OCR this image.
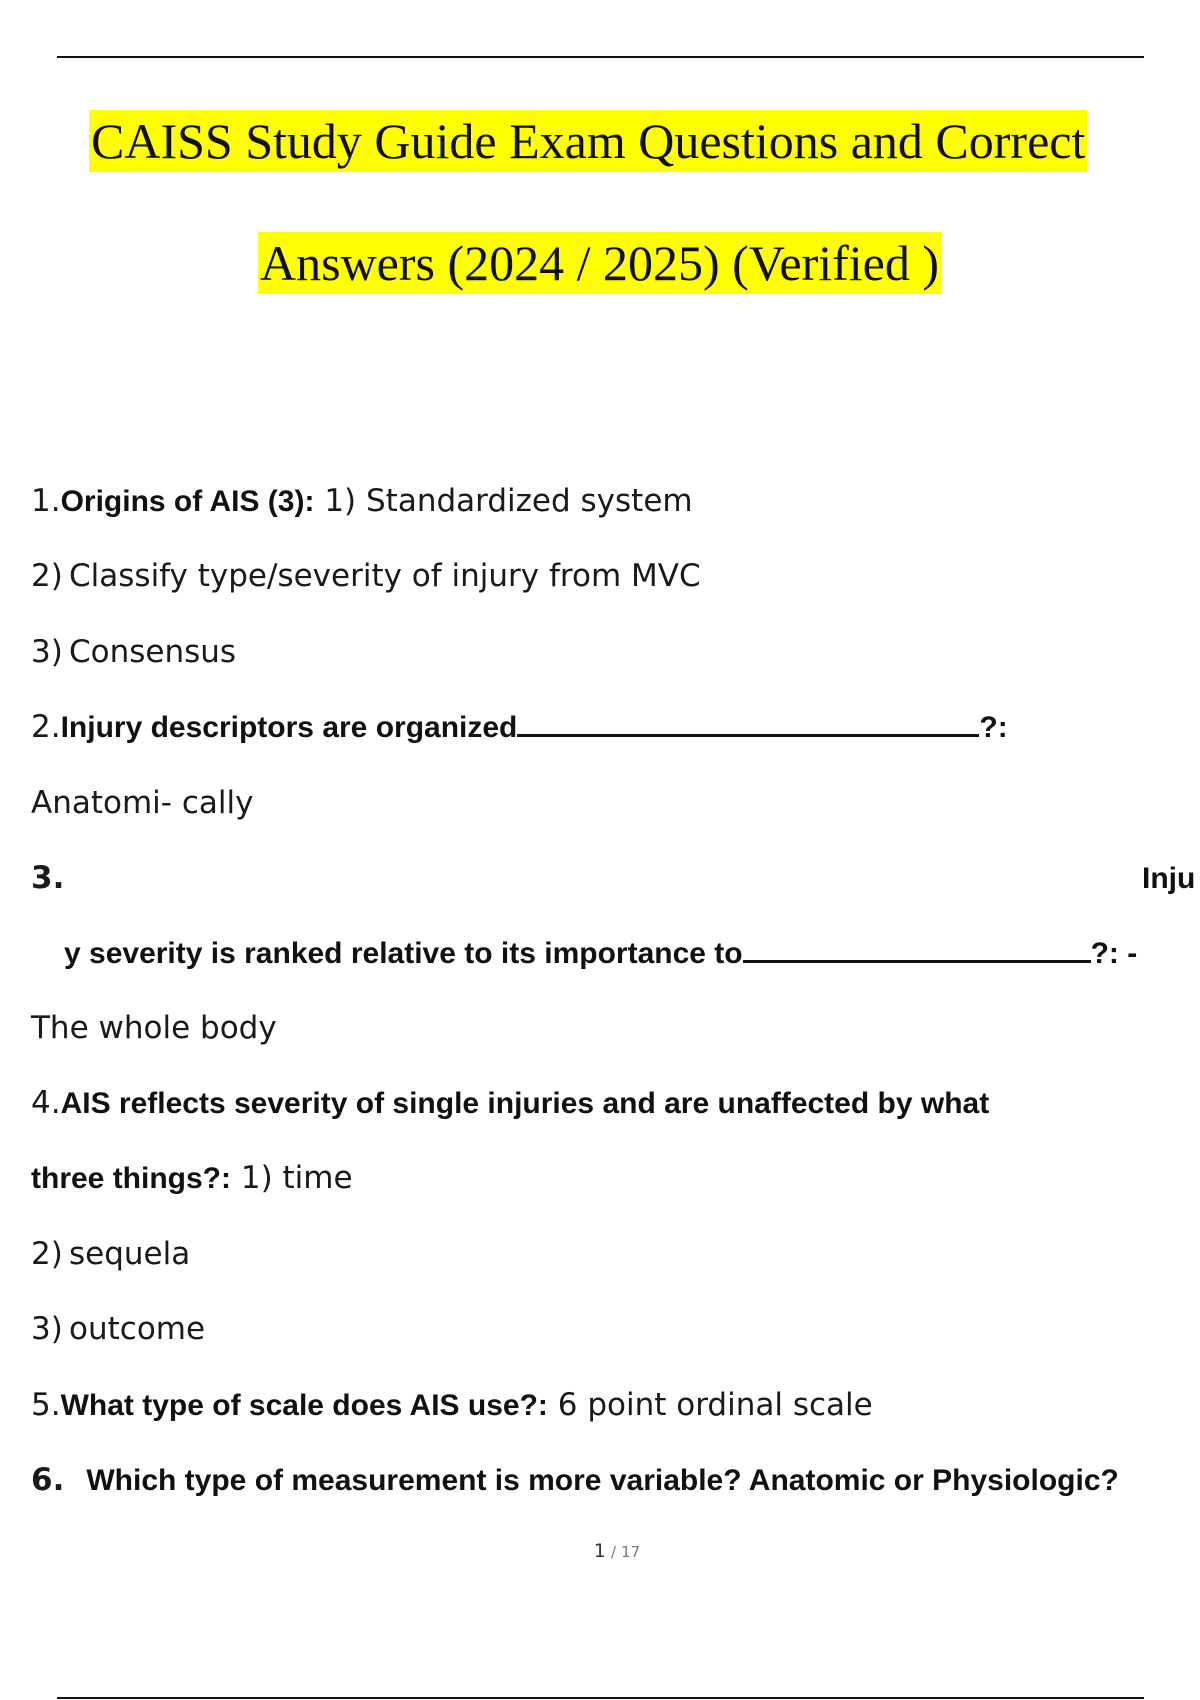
CAISS Study Guide Exam Questions and Correct
Answers (2024 / 2025) (Verified )
1.Origins of AIS (3): 1) Standardized system
2) Classify type/severity of injury from MVC
3) Consensus
2.Injury descriptors are organized	?:
Anatomi- cally
3.	Inju
y severity is ranked relative to its importance to	?: -
The whole body
4.AIS reflects severity of single injuries and are unaffected by what
three things?: 1) time
2) sequela
3) outcome
5.What type of scale does AIS use?: 6 point ordinal scale
6. Which type of measurement is more variable? Anatomic or Physiologic?
1 / 17
